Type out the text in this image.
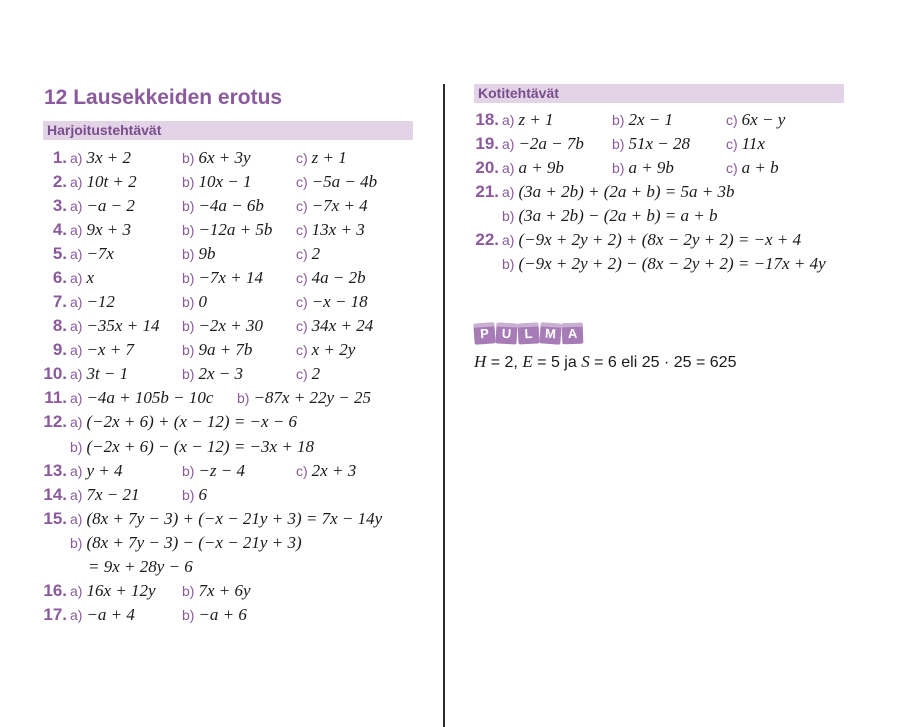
12 Lausekkeiden erotus
Harjoitustehtävät
Kotitehtävät
1. a) 3x + 2	b) 6x + 3y	c) z + 1
2. a) 10t + 2	b) 10x − 1	c) −5a − 4b
3. a) −a − 2	b) −4a − 6b c) −7x + 4
4. a) 9x + 3	b) −12a + 5b c) 13x + 3
5. a) −7x	b) 9b	c) 2
6. a) x	b) −7x + 14 c) 4a − 2b
7. a) −12	b) 0	c) −x − 18
8. a) −35x + 14 b) −2x + 30 c) 34x + 24
9. a) −x + 7	b) 9a + 7b	c) x + 2y
10. a) 3t − 1	b) 2x − 3	c) 2
11. a) −4a + 105b − 10c b) −87x + 22y − 25
12. a) (−2x + 6) + (x − 12) = −x − 6
b) (−2x + 6) − (x − 12) = −3x + 18
13. a) y + 4	b) −z − 4	c) 2x + 3
14. a) 7x − 21	b) 6
15. a) (8x + 7y − 3) + (−x − 21y + 3) = 7x − 14y
b) (8x + 7y − 3) − (−x − 21y + 3)
= 9x + 28y − 6
16. a) 16x + 12y b) 7x + 6y
17. a) −a + 4	b) −a + 6
18. a) z + 1	b) 2x − 1	c) 6x − y
19. a) −2a − 7b b) 51x − 28	c) 11x
20. a) a + 9b	b) a + 9b	c) a + b
21. a) (3a + 2b) + (2a + b) = 5a + 3b
b) (3a + 2b) − (2a + b) = a + b
22. a) (−9x + 2y + 2) + (8x − 2y + 2) = −x + 4
b) (−9x + 2y + 2) − (8x − 2y + 2) = −17x + 4y
P U L M A
H = 2, E = 5 ja S = 6 eli 25 · 25 = 625
